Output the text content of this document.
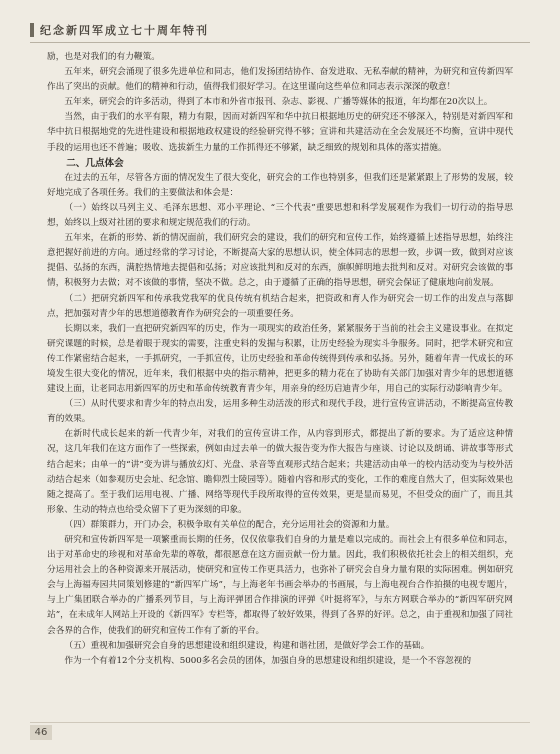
纪念新四军成立七十周年特刊

励，也是对我们的有力鞭策。

五年来，研究会涌现了很多先进单位和同志，他们发扬团结协作、奋发进取、无私奉献的精神，为研究和宣传新四军作出了突出的贡献。他们的精神和行动，值得我们很好学习。在这里谨向这些单位和同志表示深深的敬意！

五年来，研究会的许多活动，得到了本市和外省市报刊、杂志、影视、广播等媒体的报道，年均都在20次以上。

当然，由于我们的水平有限，精力有限，因而对新四军和华中抗日根据地历史的研究还不够深入，特别是对新四军和华中抗日根据地党的先进性建设和根据地政权建设的经验研究得不够；宣讲和共建活动在全会发展还不均衡，宣讲中现代手段的运用也还不普遍；吸收、选拔新生力量的工作抓得还不够紧，缺乏细致的规划和具体的落实措施。

二、几点体会

在过去的五年，尽管各方面的情况发生了很大变化，研究会的工作也特别多，但我们还是紧紧跟上了形势的发展，较好地完成了各项任务。我们的主要做法和体会是：

（一）始终以马列主义、毛泽东思想、邓小平理论、“三个代表”重要思想和科学发展观作为我们一切行动的指导思想，始终以上级对社团的要求和规定规范我们的行动。

五年来，在新的形势、新的情况面前，我们研究会的建设，我们的研究和宣传工作，始终遵循上述指导思想，始终注意把握好前进的方向。通过经常的学习讨论，不断提高大家的思想认识，使全体同志的思想一致，步调一致，做到对应该提倡、弘扬的东西，满腔热情地去提倡和弘扬；对应该批判和反对的东西，旗帜鲜明地去批判和反对。对研究会该做的事情，积极努力去做；对不该做的事情，坚决不做。总之，由于遵循了正确的指导思想，研究会保证了健康地向前发展。

（二）把研究新四军和传承我党我军的优良传统有机结合起来，把资政和育人作为研究会一切工作的出发点与落脚点，把加强对青少年的思想道德教育作为研究会的一项重要任务。

长期以来，我们一直把研究新四军的历史，作为一项现实的政治任务，紧紧服务于当前的社会主义建设事业。在拟定研究课题的时候，总是着眼于现实的需要，注重史料的发掘与积累，让历史经验为现实斗争服务。同时，把学术研究和宣传工作紧密结合起来，一手抓研究，一手抓宣传，让历史经验和革命传统得到传承和弘扬。另外，随着年青一代成长的环境发生很大变化的情况，近年来，我们根据中央的指示精神，把更多的精力花在了协助有关部门加强对青少年的思想道德建设上面，让老同志用新四军的历史和革命传统教育青少年，用亲身的经历启迪青少年，用自己的实际行动影响青少年。

（三）从时代要求和青少年的特点出发，运用多种生动活泼的形式和现代手段，进行宣传宣讲活动，不断提高宣传教育的效果。

在新时代成长起来的新一代青少年，对我们的宣传宣讲工作，从内容到形式，都提出了新的要求。为了适应这种情况，这几年我们在这方面作了一些探索，例如由过去单一的做大报告变为作大报告与座谈、讨论以及朗诵、讲故事等形式结合起来；由单一的“讲”变为讲与播放幻灯、光盘、录音等直观形式结合起来；共建活动由单一的校内活动变为与校外活动结合起来（如参观历史会址、纪念馆、瞻仰烈士陵园等）。随着内容和形式的变化，工作的难度自然大了，但实际效果也随之提高了。至于我们运用电视、广播、网络等现代手段所取得的宣传效果，更是显而易见，不但受众的面广了，而且其形象、生动的特点也给受众留下了更为深刻的印象。

（四）群策群力，开门办会，积极争取有关单位的配合，充分运用社会的资源和力量。

研究和宣传新四军是一项繁重而长期的任务，仅仅依靠我们自身的力量是难以完成的。而社会上有很多单位和同志，出于对革命史的珍视和对革命先辈的尊敬，都很愿意在这方面贡献一份力量。因此，我们积极依托社会上的相关组织，充分运用社会上的各种资源来开展活动，使研究和宣传工作更具活力，也弥补了研究会自身力量有限的实际困难。例如研究会与上海福寿园共同策划修建的“新四军广场”，与上海老年书画会举办的书画展，与上海电视台合作拍摄的电视专题片，与上广集团联合举办的广播系列节目，与上海评弹团合作排演的评弹《叶挺将军》，与东方网联合举办的“新四军研究网站”，在未成年人网站上开设的《新四军》专栏等，都取得了较好效果，得到了各界的好评。总之，由于重视和加强了同社会各界的合作，使我们的研究和宣传工作有了新的平台。

（五）重视和加强研究会自身的思想建设和组织建设，构建和谐社团，是做好学会工作的基础。

作为一个有着12个分支机构、5000多名会员的团体，加强自身的思想建设和组织建设，是一个不容忽视的

46
